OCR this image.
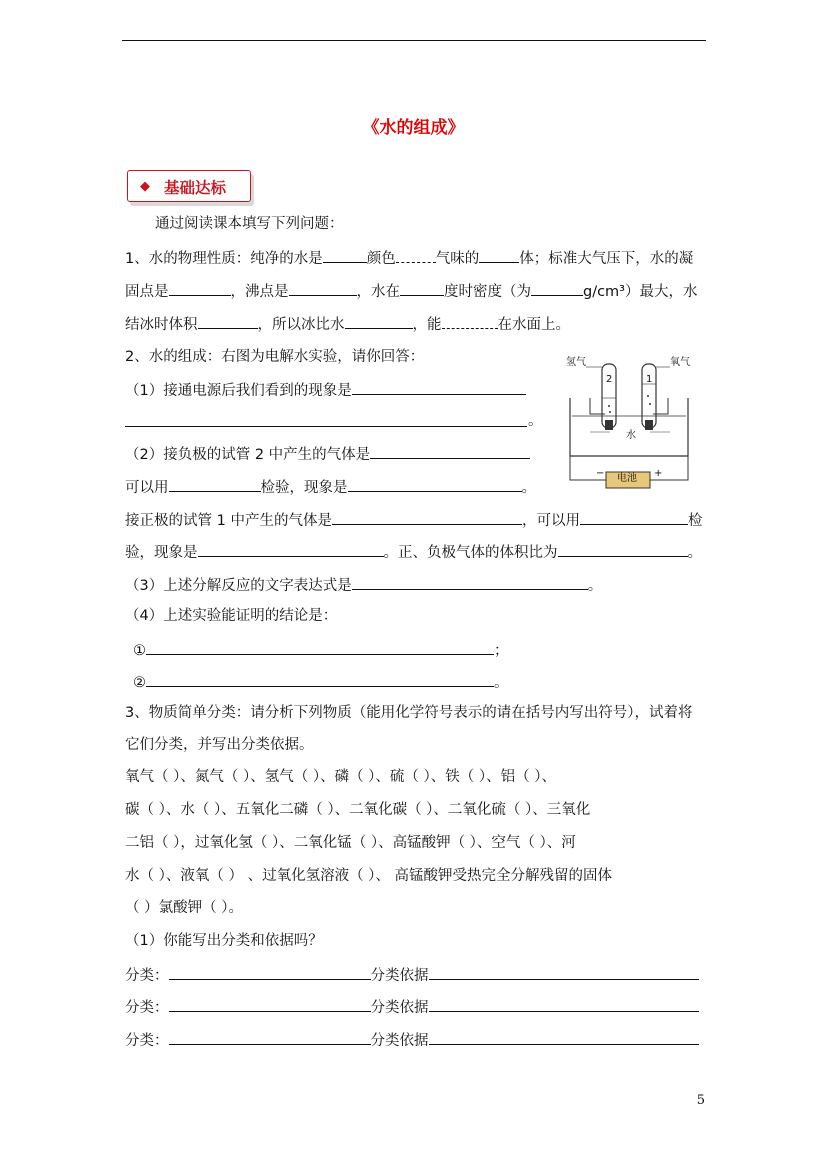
《水的组成》
◆ 基础达标
通过阅读课本填写下列问题：
1、水的物理性质：纯净的水是	颜色	气味的	体；标准大气压下，水的凝
固点是	，沸点是	，水在	度时密度（为	g/cm³）最大，水
结冰时体积	，所以冰比水	，能	在水面上。
2、水的组成：右图为电解水实验，请你回答：
（1）接通电源后我们看到的现象是
。
（2）接负极的试管 2 中产生的气体是
可以用	检验，现象是	。
接正极的试管 1 中产生的气体是	，可以用	检
验，现象是	。正、负极气体的体积比为	。
（3）上述分解反应的文字表达式是	。
（4）上述实验能证明的结论是：
①	；
②	。
氢气	氧气
2	1
水
电池
−	+
3、物质简单分类：请分析下列物质（能用化学符号表示的请在括号内写出符号），试着将
它们分类，并写出分类依据。
氧气（ ）、氮气（ ）、氢气（ ）、磷（ ）、硫（ ）、铁（ ）、铝（ ）、
碳（ ）、水（ ）、五氧化二磷（ ）、二氧化碳（ ）、二氧化硫（ ）、三氧化
二铝（ ），过氧化氢（ ）、二氧化锰（ ）、高锰酸钾（ ）、空气（ ）、河
水（ ）、液氧（ ） 、过氧化氢溶液（ ）、 高锰酸钾受热完全分解残留的固体
（ ）氯酸钾（ ）。
（1）你能写出分类和依据吗？
分类：	分类依据
分类：	分类依据
分类：	分类依据
5
